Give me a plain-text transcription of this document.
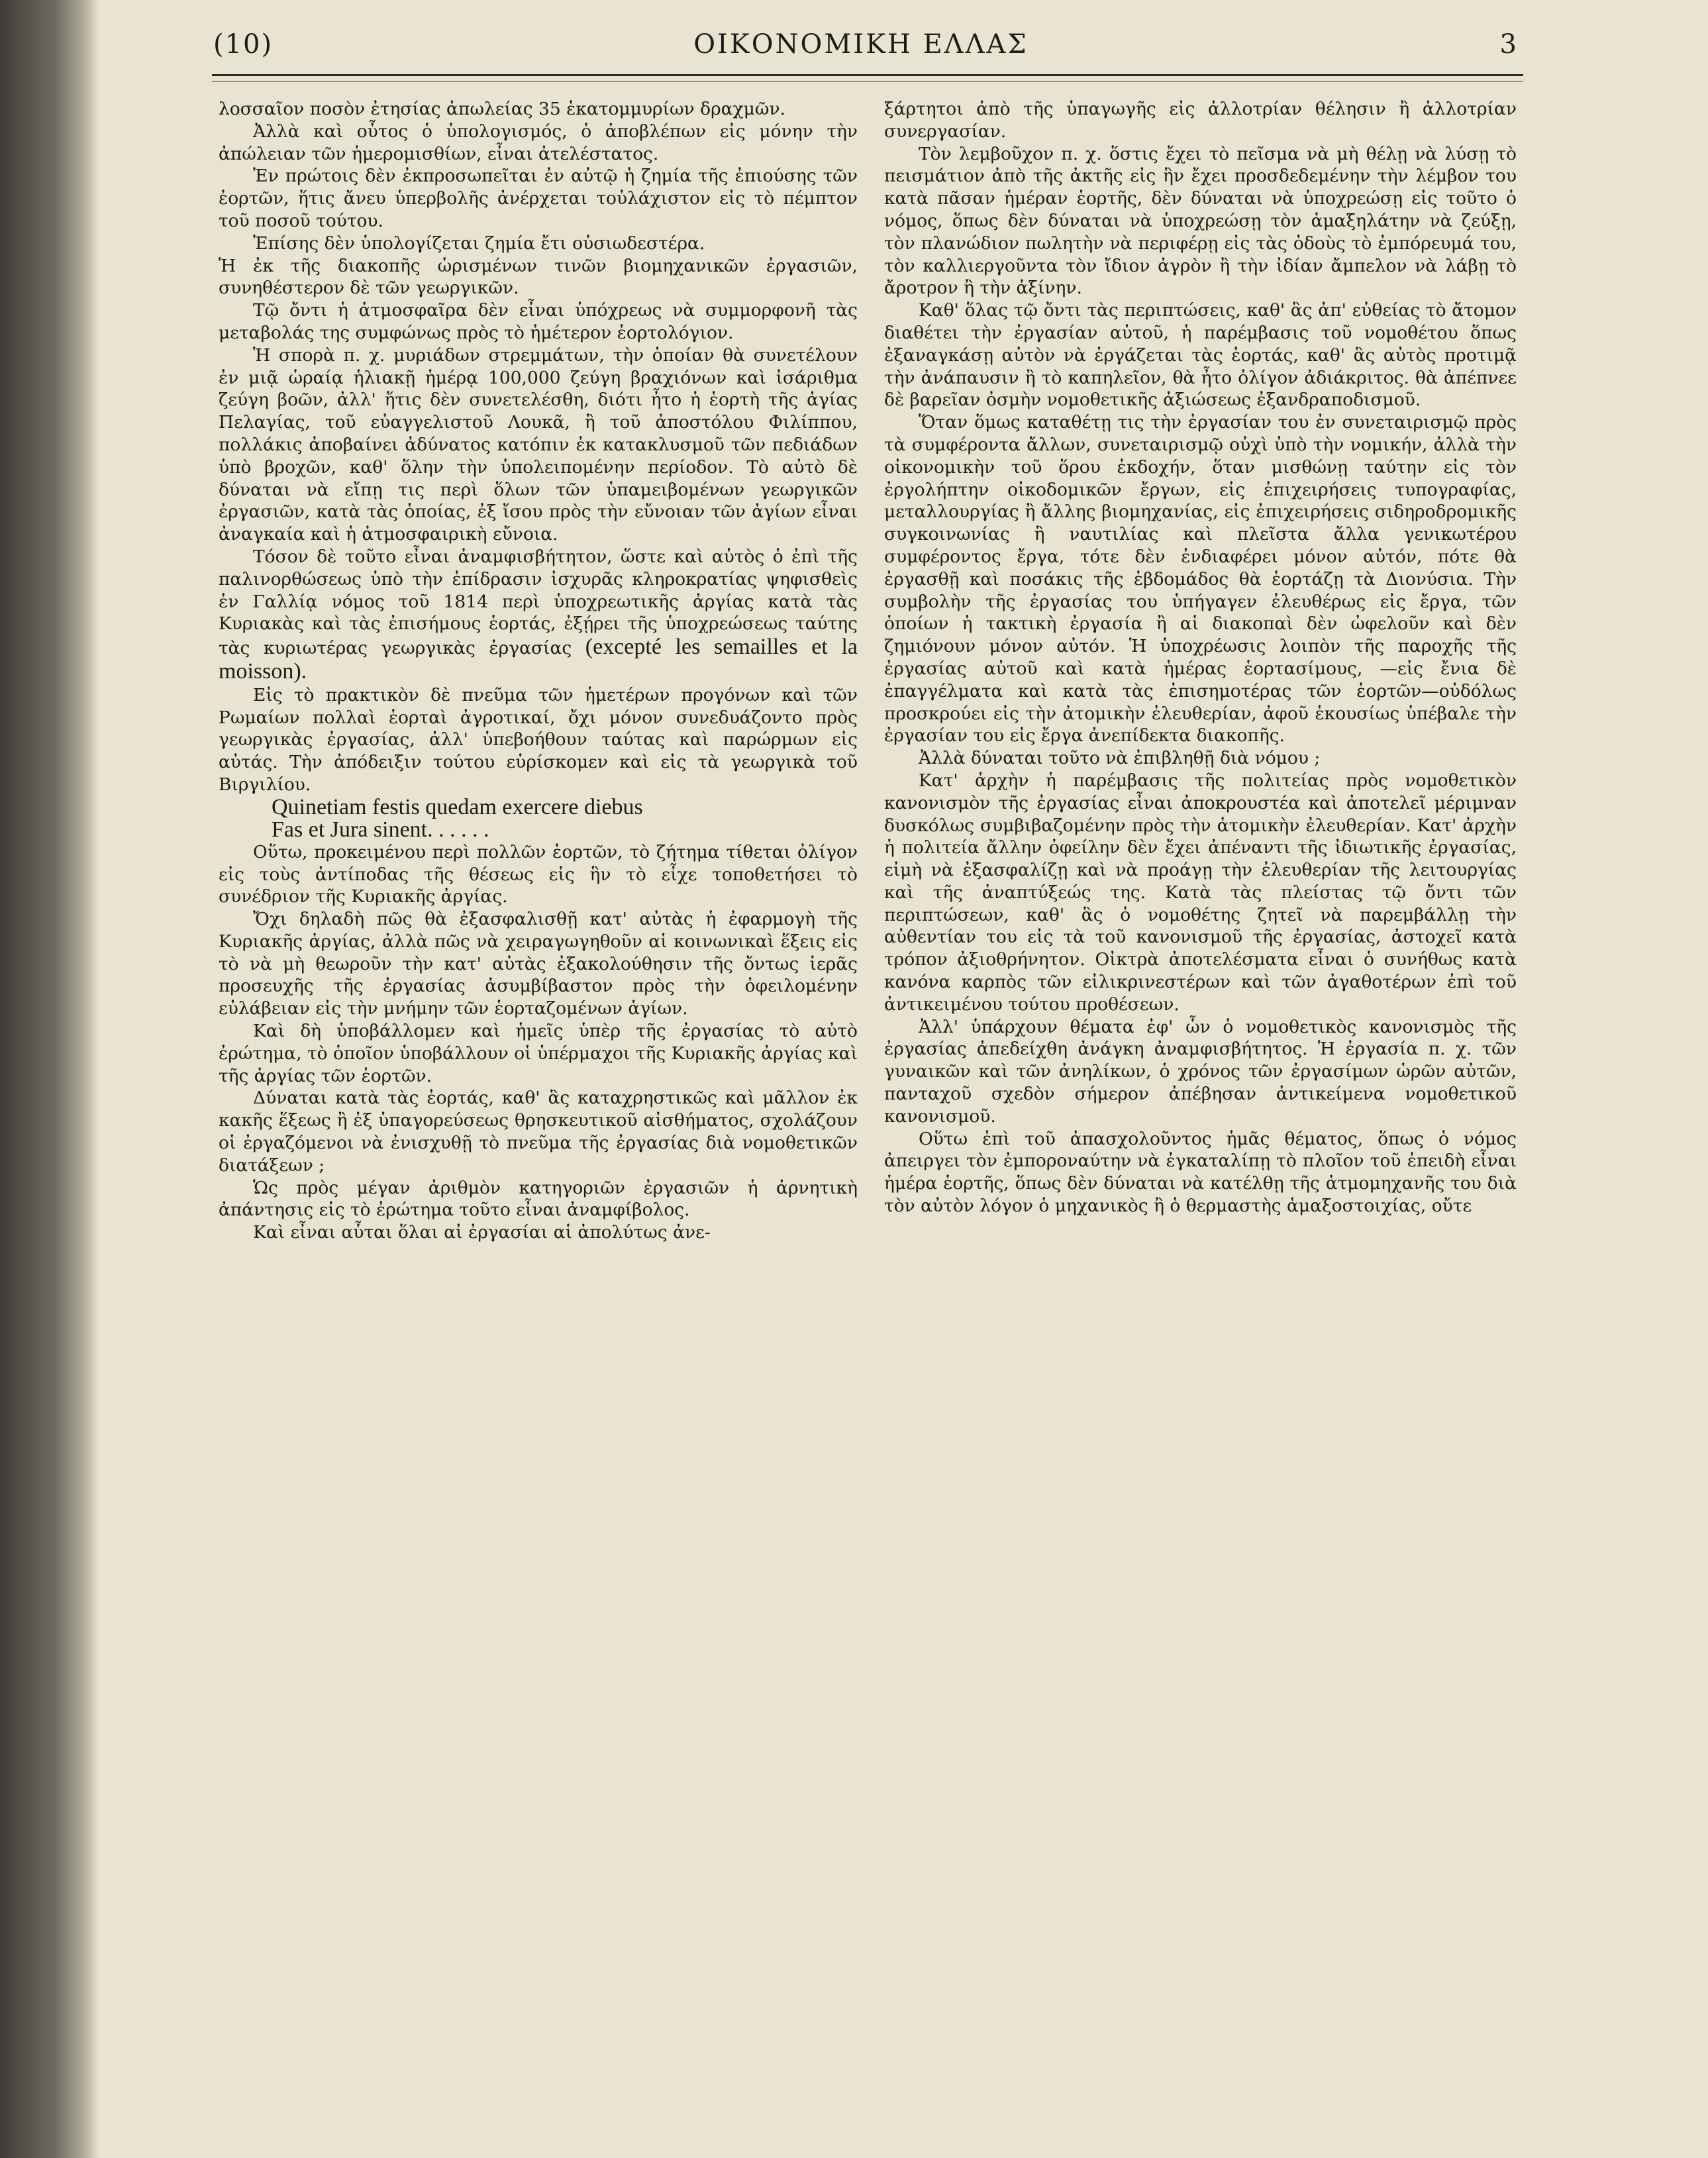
(10)	ΟΙΚΟΝΟΜΙΚΗ ΕΛΛΑΣ	3

λοσσαῖον ποσὸν ἐτησίας ἀπωλείας 35 ἑκατομμυρίων δραχμῶν.

Ἀλλὰ καὶ οὗτος ὁ ὑπολογισμός, ὁ ἀποβλέπων εἰς μόνην τὴν ἀπώλειαν τῶν ἡμερομισθίων, εἶναι ἀτελέστατος.

Ἐν πρώτοις δὲν ἐκπροσωπεῖται ἐν αὐτῷ ἡ ζημία τῆς ἐπιούσης τῶν ἑορτῶν, ἥτις ἄνευ ὑπερβολῆς ἀνέρχεται τοὐλάχιστον εἰς τὸ πέμπτον τοῦ ποσοῦ τούτου.

Ἐπίσης δὲν ὑπολογίζεται ζημία ἔτι οὐσιωδεστέρα.

Ἡ ἐκ τῆς διακοπῆς ὡρισμένων τινῶν βιομηχανικῶν ἐργασιῶν, συνηθέστερον δὲ τῶν γεωργικῶν.

Τῷ ὄντι ἡ ἀτμοσφαῖρα δὲν εἶναι ὑπόχρεως νὰ συμμορφονῆ τὰς μεταβολάς της συμφώνως πρὸς τὸ ἡμέτερον ἑορτολόγιον.

Ἡ σπορὰ π. χ. μυριάδων στρεμμάτων, τὴν ὁποίαν θὰ συνετέλουν ἐν μιᾷ ὡραίᾳ ἡλιακῇ ἡμέρᾳ 100,000 ζεύγη βραχιόνων καὶ ἰσάριθμα ζεύγη βοῶν, ἀλλ' ἥτις δὲν συνετελέσθη, διότι ἦτο ἡ ἑορτὴ τῆς ἁγίας Πελαγίας, τοῦ εὐαγγελιστοῦ Λουκᾶ, ἢ τοῦ ἀποστόλου Φιλίππου, πολλάκις ἀποβαίνει ἀδύνατος κατόπιν ἐκ κατακλυσμοῦ τῶν πεδιάδων ὑπὸ βροχῶν, καθ' ὅλην τὴν ὑπολειπομένην περίοδον. Τὸ αὐτὸ δὲ δύναται νὰ εἴπῃ τις περὶ ὅλων τῶν ὑπαμειβομένων γεωργικῶν ἐργασιῶν, κατὰ τὰς ὁποίας, ἐξ ἴσου πρὸς τὴν εὔνοιαν τῶν ἁγίων εἶναι ἀναγκαία καὶ ἡ ἀτμοσφαιρικὴ εὔνοια.

Τόσον δὲ τοῦτο εἶναι ἀναμφισβήτητον, ὥστε καὶ αὐτὸς ὁ ἐπὶ τῆς παλινορθώσεως ὑπὸ τὴν ἐπίδρασιν ἰσχυρᾶς κληροκρατίας ψηφισθεὶς ἐν Γαλλίᾳ νόμος τοῦ 1814 περὶ ὑποχρεωτικῆς ἀργίας κατὰ τὰς Κυριακὰς καὶ τὰς ἐπισήμους ἑορτάς, ἐξῄρει τῆς ὑποχρεώσεως ταύτης τὰς κυριωτέρας γεωργικὰς ἐργασίας (excepté les semailles et la moisson).

Εἰς τὸ πρακτικὸν δὲ πνεῦμα τῶν ἡμετέρων προγόνων καὶ τῶν Ρωμαίων πολλαὶ ἑορταὶ ἀγροτικαί, ὄχι μόνον συνεδυάζοντο πρὸς γεωργικὰς ἐργασίας, ἀλλ' ὑπεβοήθουν ταύτας καὶ παρώρμων εἰς αὐτάς. Τὴν ἀπόδειξιν τούτου εὑρίσκομεν καὶ εἰς τὰ γεωργικὰ τοῦ Βιργιλίου.

Quinetiam festis quedam exercere diebus

Fas et Jura sinent. . . . . .

Οὕτω, προκειμένου περὶ πολλῶν ἑορτῶν, τὸ ζήτημα τίθεται ὀλίγον εἰς τοὺς ἀντίποδας τῆς θέσεως εἰς ἣν τὸ εἶχε τοποθετήσει τὸ συνέδριον τῆς Κυριακῆς ἀργίας.

Ὄχι δηλαδὴ πῶς θὰ ἐξασφαλισθῇ κατ' αὐτὰς ἡ ἐφαρμογὴ τῆς Κυριακῆς ἀργίας, ἀλλὰ πῶς νὰ χειραγωγηθοῦν αἱ κοινωνικαὶ ἕξεις εἰς τὸ νὰ μὴ θεωροῦν τὴν κατ' αὐτὰς ἐξακολούθησιν τῆς ὄντως ἱερᾶς προσευχῆς τῆς ἐργασίας ἀσυμβίβαστον πρὸς τὴν ὀφειλομένην εὐλάβειαν εἰς τὴν μνήμην τῶν ἑορταζομένων ἁγίων.

Καὶ δὴ ὑποβάλλομεν καὶ ἡμεῖς ὑπὲρ τῆς ἐργασίας τὸ αὐτὸ ἐρώτημα, τὸ ὁποῖον ὑποβάλλουν οἱ ὑπέρμαχοι τῆς Κυριακῆς ἀργίας καὶ τῆς ἀργίας τῶν ἑορτῶν.

Δύναται κατὰ τὰς ἑορτάς, καθ' ἃς καταχρηστικῶς καὶ μᾶλλον ἐκ κακῆς ἕξεως ἢ ἐξ ὑπαγορεύσεως θρησκευτικοῦ αἰσθήματος, σχολάζουν οἱ ἐργαζόμενοι νὰ ἐνισχυθῇ τὸ πνεῦμα τῆς ἐργασίας διὰ νομοθετικῶν διατάξεων ;

Ὡς πρὸς μέγαν ἀριθμὸν κατηγοριῶν ἐργασιῶν ἡ ἀρνητικὴ ἀπάντησις εἰς τὸ ἐρώτημα τοῦτο εἶναι ἀναμφίβολος.

Καὶ εἶναι αὗται ὅλαι αἱ ἐργασίαι αἱ ἀπολύτως ἀνε-

ξάρτητοι ἀπὸ τῆς ὑπαγωγῆς εἰς ἀλλοτρίαν θέλησιν ἢ ἀλλοτρίαν συνεργασίαν.

Τὸν λεμβοῦχον π. χ. ὅστις ἔχει τὸ πεῖσμα νὰ μὴ θέλῃ νὰ λύσῃ τὸ πεισμάτιον ἀπὸ τῆς ἀκτῆς εἰς ἣν ἔχει προσδεδεμένην τὴν λέμβον του κατὰ πᾶσαν ἡμέραν ἑορτῆς, δὲν δύναται νὰ ὑποχρεώσῃ εἰς τοῦτο ὁ νόμος, ὅπως δὲν δύναται νὰ ὑποχρεώσῃ τὸν ἁμαξηλάτην νὰ ζεύξῃ, τὸν πλανώδιον πωλητὴν νὰ περιφέρῃ εἰς τὰς ὁδοὺς τὸ ἐμπόρευμά του, τὸν καλλιεργοῦντα τὸν ἴδιον ἀγρὸν ἢ τὴν ἰδίαν ἄμπελον νὰ λάβῃ τὸ ἄροτρον ἢ τὴν ἀξίνην.

Καθ' ὅλας τῷ ὄντι τὰς περιπτώσεις, καθ' ἃς ἀπ' εὐθείας τὸ ἄτομον διαθέτει τὴν ἐργασίαν αὐτοῦ, ἡ παρέμβασις τοῦ νομοθέτου ὅπως ἐξαναγκάσῃ αὐτὸν νὰ ἐργάζεται τὰς ἑορτάς, καθ' ἃς αὐτὸς προτιμᾷ τὴν ἀνάπαυσιν ἢ τὸ καπηλεῖον, θὰ ἦτο ὀλίγον ἀδιάκριτος. θὰ ἀπέπνεε δὲ βαρεῖαν ὀσμὴν νομοθετικῆς ἀξιώσεως ἐξανδραποδισμοῦ.

Ὅταν ὅμως καταθέτῃ τις τὴν ἐργασίαν του ἐν συνεταιρισμῷ πρὸς τὰ συμφέροντα ἄλλων, συνεταιρισμῷ οὐχὶ ὑπὸ τὴν νομικήν, ἀλλὰ τὴν οἰκονομικὴν τοῦ ὅρου ἐκδοχήν, ὅταν μισθώνῃ ταύτην εἰς τὸν ἐργολήπτην οἰκοδομικῶν ἔργων, εἰς ἐπιχειρήσεις τυπογραφίας, μεταλλουργίας ἢ ἄλλης βιομηχανίας, εἰς ἐπιχειρήσεις σιδηροδρομικῆς συγκοινωνίας ἢ ναυτιλίας καὶ πλεῖστα ἄλλα γενικωτέρου συμφέροντος ἔργα, τότε δὲν ἐνδιαφέρει μόνον αὐτόν, πότε θὰ ἐργασθῇ καὶ ποσάκις τῆς ἑβδομάδος θὰ ἑορτάζῃ τὰ Διονύσια. Τὴν συμβολὴν τῆς ἐργασίας του ὑπήγαγεν ἐλευθέρως εἰς ἔργα, τῶν ὁποίων ἡ τακτικὴ ἐργασία ἢ αἱ διακοπαὶ δὲν ὠφελοῦν καὶ δὲν ζημιόνουν μόνον αὐτόν. Ἡ ὑποχρέωσις λοιπὸν τῆς παροχῆς τῆς ἐργασίας αὐτοῦ καὶ κατὰ ἡμέρας ἑορτασίμους, —εἰς ἔνια δὲ ἐπαγγέλματα καὶ κατὰ τὰς ἐπισημοτέρας τῶν ἑορτῶν—οὐδόλως προσκρούει εἰς τὴν ἀτομικὴν ἐλευθερίαν, ἀφοῦ ἑκουσίως ὑπέβαλε τὴν ἐργασίαν του εἰς ἔργα ἀνεπίδεκτα διακοπῆς.

Ἀλλὰ δύναται τοῦτο νὰ ἐπιβληθῇ διὰ νόμου ;

Κατ' ἀρχὴν ἡ παρέμβασις τῆς πολιτείας πρὸς νομοθετικὸν κανονισμὸν τῆς ἐργασίας εἶναι ἀποκρουστέα καὶ ἀποτελεῖ μέριμναν δυσκόλως συμβιβαζομένην πρὸς τὴν ἀτομικὴν ἐλευθερίαν. Κατ' ἀρχὴν ἡ πολιτεία ἄλλην ὀφείλην δὲν ἔχει ἀπέναντι τῆς ἰδιωτικῆς ἐργασίας, εἰμὴ νὰ ἐξασφαλίζῃ καὶ νὰ προάγῃ τὴν ἐλευθερίαν τῆς λειτουργίας καὶ τῆς ἀναπτύξεώς της. Κατὰ τὰς πλείστας τῷ ὄντι τῶν περιπτώσεων, καθ' ἃς ὁ νομοθέτης ζητεῖ νὰ παρεμβάλλῃ τὴν αὐθεντίαν του εἰς τὰ τοῦ κανονισμοῦ τῆς ἐργασίας, ἀστοχεῖ κατὰ τρόπον ἀξιοθρήνητον. Οἰκτρὰ ἀποτελέσματα εἶναι ὁ συνήθως κατὰ κανόνα καρπὸς τῶν εἰλικρινεστέρων καὶ τῶν ἀγαθοτέρων ἐπὶ τοῦ ἀντικειμένου τούτου προθέσεων.

Ἀλλ' ὑπάρχουν θέματα ἐφ' ὧν ὁ νομοθετικὸς κανονισμὸς τῆς ἐργασίας ἀπεδείχθη ἀνάγκη ἀναμφισβήτητος. Ἡ ἐργασία π. χ. τῶν γυναικῶν καὶ τῶν ἀνηλίκων, ὁ χρόνος τῶν ἐργασίμων ὡρῶν αὐτῶν, πανταχοῦ σχεδὸν σήμερον ἀπέβησαν ἀντικείμενα νομοθετικοῦ κανονισμοῦ.

Οὕτω ἐπὶ τοῦ ἀπασχολοῦντος ἡμᾶς θέματος, ὅπως ὁ νόμος ἀπειργει τὸν ἐμποροναύτην νὰ ἐγκαταλίπῃ τὸ πλοῖον τοῦ ἐπειδὴ εἶναι ἡμέρα ἑορτῆς, ὅπως δὲν δύναται νὰ κατέλθῃ τῆς ἀτμομηχανῆς του διὰ τὸν αὐτὸν λόγον ὁ μηχανικὸς ἢ ὁ θερμαστὴς ἁμαξοστοιχίας, οὔτε
